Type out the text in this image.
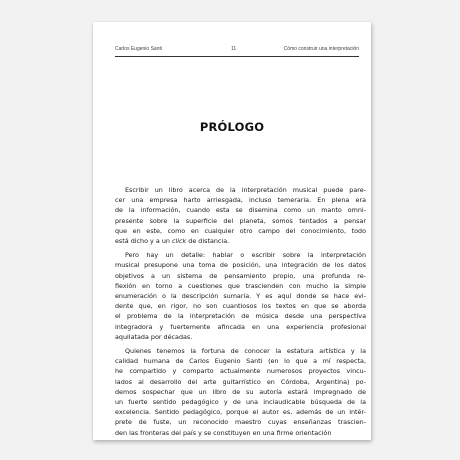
Carlos Eugenio Santi	11	Cómo construir una interpretación
PRÓLOGO

Escribir un libro acerca de la interpretación musical puede pare-
cer una empresa harto arriesgada, incluso temeraria. En plena era
de la información, cuando esta se disemina como un manto omni-
presente sobre la superficie del planeta, somos tentados a pensar
que en este, como en cualquier otro campo del conocimiento, todo
está dicho y a un click de distancia.

Pero hay un detalle: hablar o escribir sobre la interpretación
musical presupone una toma de posición, una integración de los datos
objetivos a un sistema de pensamiento propio, una profunda re-
flexión en torno a cuestiones que trascienden con mucho la simple
enumeración o la descripción sumaria. Y es aquí donde se hace evi-
dente que, en rigor, no son cuantiosos los textos en que se aborda
el problema de la interpretación de música desde una perspectiva
integradora y fuertemente afincada en una experiencia profesional
aquilatada por décadas.

Quienes tenemos la fortuna de conocer la estatura artística y la
calidad humana de Carlos Eugenio Santi (en lo que a mí respecta,
he compartido y comparto actualmente numerosos proyectos vincu-
lados al desarrollo del arte guitarrístico en Córdoba, Argentina) po-
demos sospechar que un libro de su autoría estará impregnado de
un fuerte sentido pedagógico y de una inclaudicable búsqueda de la
excelencia. Sentido pedagógico, porque el autor es, además de un intér-
prete de fuste, un reconocido maestro cuyas enseñanzas trascien-
den las fronteras del país y se constituyen en una firme orientación
